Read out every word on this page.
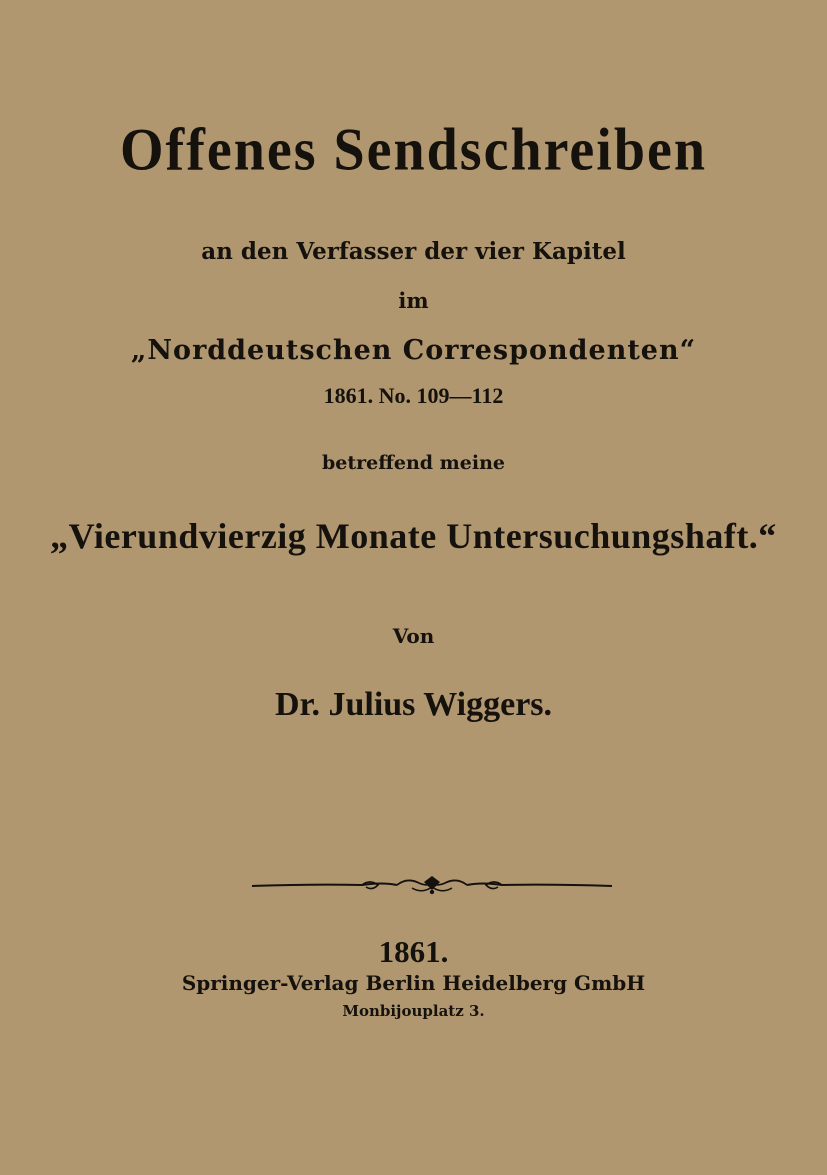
Offenes Sendschreiben
an den Verfasser der vier Kapitel
im
„Norddeutschen Correspondenten“
1861. No. 109—112
betreffend meine
„Vierundvierzig Monate Untersuchungshaft.“
Von
Dr. Julius Wiggers.
1861.
Springer-Verlag Berlin Heidelberg GmbH
Monbijouplatz 3.
